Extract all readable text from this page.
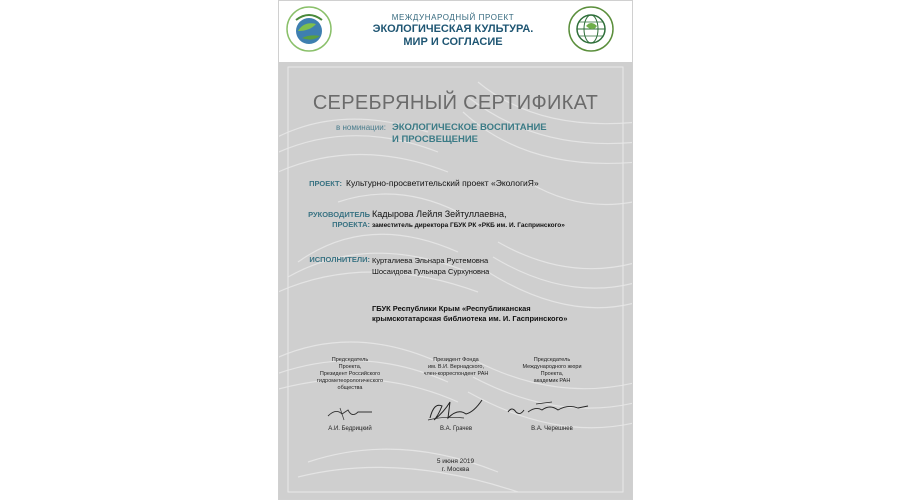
МЕЖДУНАРОДНЫЙ ПРОЕКТ
ЭКОЛОГИЧЕСКАЯ КУЛЬТУРА.
МИР И СОГЛАСИЕ
СЕРЕБРЯНЫЙ СЕРТИФИКАТ
в номинации: ЭКОЛОГИЧЕСКОЕ ВОСПИТАНИЕ
И ПРОСВЕЩЕНИЕ
ПРОЕКТ: Культурно-просветительский проект «ЭкологиЯ»
РУКОВОДИТЕЛЬ
ПРОЕКТА:
Кадырова Лейля Зейтуллаевна,
заместитель директора ГБУК РК «РКБ им. И. Гаспринского»
ИСПОЛНИТЕЛИ: Курталиева Эльнара Рустемовна
Шосаидова Гульнара Сурхуновна
ГБУК Республики Крым «Республиканская
крымскотатарская библиотека им. И. Гаспринского»
Председатель
Проекта,
Президент Российского
гидрометеорологического
общества
А.И. Бедрицкий
Президент Фонда
им. В.И. Вернадского,
член-корреспондент РАН
В.А. Грачев
Председатель
Международного жюри
Проекта,
академик РАН
В.А. Черешнев
5 июня 2019
г. Москва
